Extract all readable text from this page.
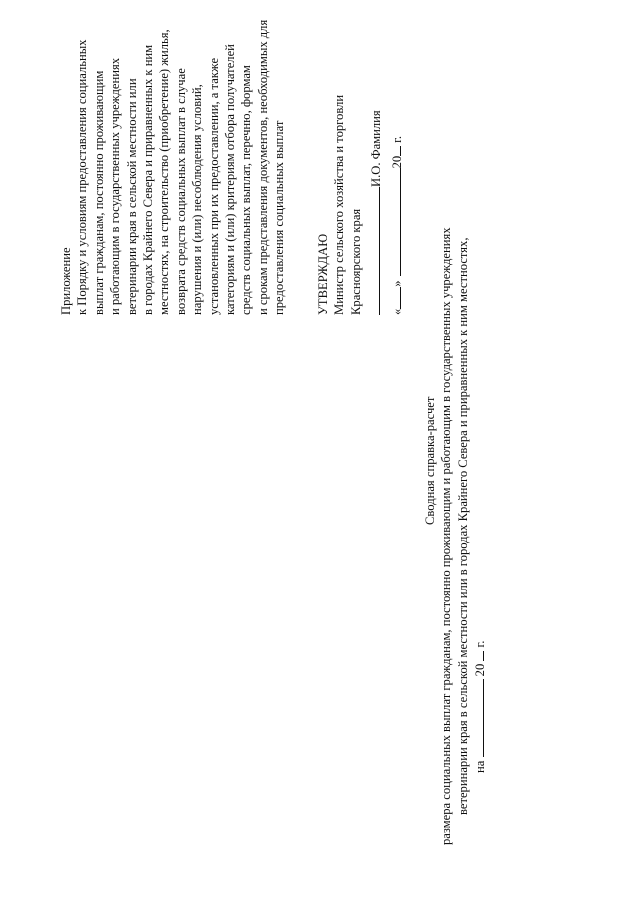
Приложение к Порядку и условиям предоставления социальных выплат гражданам, постоянно проживающим и работающим в государственных учреждениях ветеринарии края в сельской местности или в городах Крайнего Севера и приравненных к ним местностях, на строительство (приобретение) жилья, возврата средств социальных выплат в случае нарушения и (или) несоблюдения условий, установленных при их предоставлении, а также категориям и (или) критериям отбора получателей средств социальных выплат, перечню, формам и срокам представления документов, необходимых для предоставления социальных выплат УТВЕРЖДАЮ Министр сельского хозяйства и торговли Красноярского края
И.О. Фамилия
«
»
20
г.
Сводная справка-расчет размера социальных выплат гражданам, постоянно проживающим и работающим в государственных учреждениях ветеринарии края в сельской местности или в городах Крайнего Севера и приравненных к ним местностях, на  20  г.
